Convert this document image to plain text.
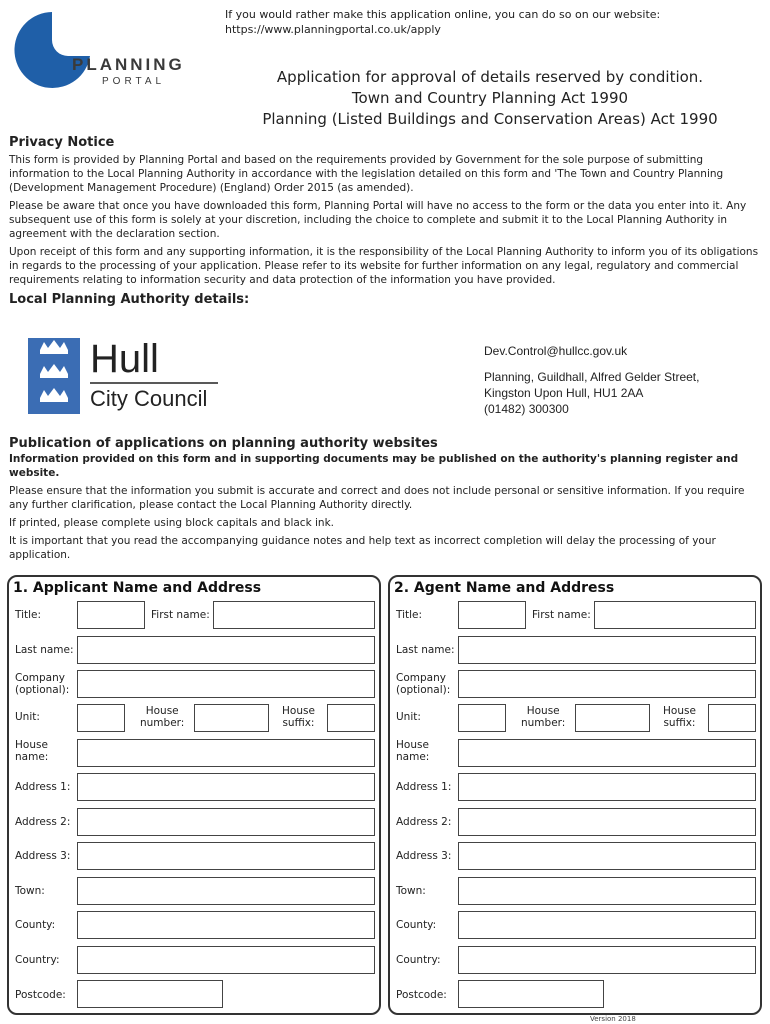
PLANNING
PORTAL
If you would rather make this application online, you can do so on our website:
https://www.planningportal.co.uk/apply
Application for approval of details reserved by condition.
Town and Country Planning Act 1990
Planning (Listed Buildings and Conservation Areas) Act 1990
Privacy Notice
This form is provided by Planning Portal and based on the requirements provided by Government for the sole purpose of submitting information to the Local Planning Authority in accordance with the legislation detailed on this form and 'The Town and Country Planning (Development Management Procedure) (England) Order 2015 (as amended).
Please be aware that once you have downloaded this form, Planning Portal will have no access to the form or the data you enter into it. Any subsequent use of this form is solely at your discretion, including the choice to complete and submit it to the Local Planning Authority in agreement with the declaration section.
Upon receipt of this form and any supporting information, it is the responsibility of the Local Planning Authority to inform you of its obligations in regards to the processing of your application. Please refer to its website for further information on any legal, regulatory and commercial requirements relating to information security and data protection of the information you have provided.
Local Planning Authority details:
Hull
City Council
Dev.Control@hullcc.gov.uk
Planning, Guildhall, Alfred Gelder Street,
Kingston Upon Hull, HU1 2AA
(01482) 300300
Publication of applications on planning authority websites
Information provided on this form and in supporting documents may be published on the authority's planning register and website.
Please ensure that the information you submit is accurate and correct and does not include personal or sensitive information. If you require any further clarification, please contact the Local Planning Authority directly.
If printed, please complete using block capitals and black ink.
It is important that you read the accompanying guidance notes and help text as incorrect completion will delay the processing of your application.
1. Applicant Name and Address
Title:	First name:
Last name:
Company
(optional):
Unit:	House
number:
House
suffix:
House
name:
Address 1:
Address 2:
Address 3:
Town:
County:
Country:
Postcode:
2. Agent Name and Address
Title:	First name:
Last name:
Company
(optional):
Unit:	House
number:
House
suffix:
House
name:
Address 1:
Address 2:
Address 3:
Town:
County:
Country:
Postcode:
Version 2018
